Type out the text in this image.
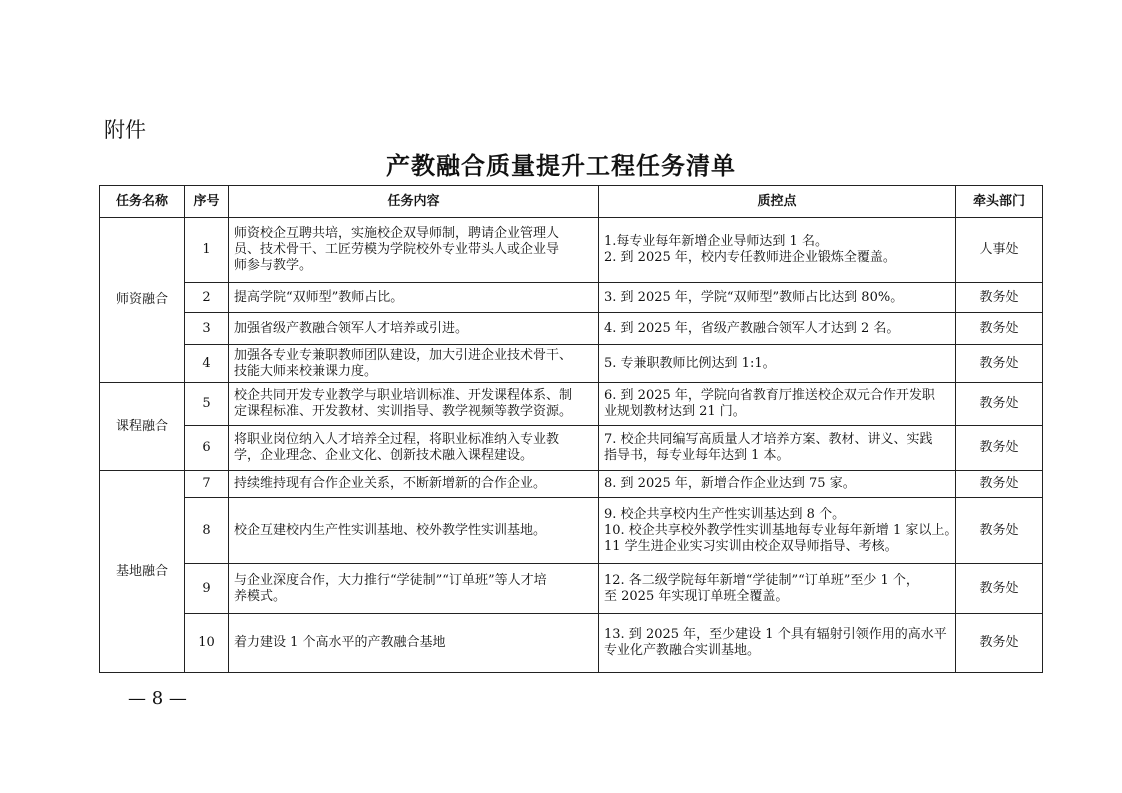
附件
产教融合质量提升工程任务清单
任务名称	序号	任务内容	质控点	牵头部门
师资融合	1	师资校企互聘共培，实施校企双导师制，聘请企业管理人
员、技术骨干、工匠劳模为学院校外专业带头人或企业导
师参与教学。	1.每专业每年新增企业导师达到 1 名。
2. 到 2025 年，校内专任教师进企业锻炼全覆盖。	人事处
	2	提高学院“双师型”教师占比。	3. 到 2025 年，学院“双师型”教师占比达到 80%。	教务处
	3	加强省级产教融合领军人才培养或引进。	4. 到 2025 年，省级产教融合领军人才达到 2 名。	教务处
	4	加强各专业专兼职教师团队建设，加大引进企业技术骨干、
技能大师来校兼课力度。	5. 专兼职教师比例达到 1:1。	教务处
课程融合	5	校企共同开发专业教学与职业培训标准、开发课程体系、制
定课程标准、开发教材、实训指导、教学视频等教学资源。	6. 到 2025 年，学院向省教育厅推送校企双元合作开发职
业规划教材达到 21 门。	教务处
	6	将职业岗位纳入人才培养全过程，将职业标准纳入专业教
学，企业理念、企业文化、创新技术融入课程建设。	7. 校企共同编写高质量人才培养方案、教材、讲义、实践
指导书，每专业每年达到 1 本。	教务处
基地融合	7	持续维持现有合作企业关系，不断新增新的合作企业。	8. 到 2025 年，新增合作企业达到 75 家。	教务处
	8	校企互建校内生产性实训基地、校外教学性实训基地。	9. 校企共享校内生产性实训基达到 8 个。
10. 校企共享校外教学性实训基地每专业每年新增 1 家以上。
11 学生进企业实习实训由校企双导师指导、考核。	教务处
	9	与企业深度合作，大力推行“学徒制”“订单班”等人才培
养模式。	12. 各二级学院每年新增“学徒制”“订单班”至少 1 个，
至 2025 年实现订单班全覆盖。	教务处
	10	着力建设 1 个高水平的产教融合基地	13. 到 2025 年，至少建设 1 个具有辐射引领作用的高水平
专业化产教融合实训基地。	教务处
— 8 —
